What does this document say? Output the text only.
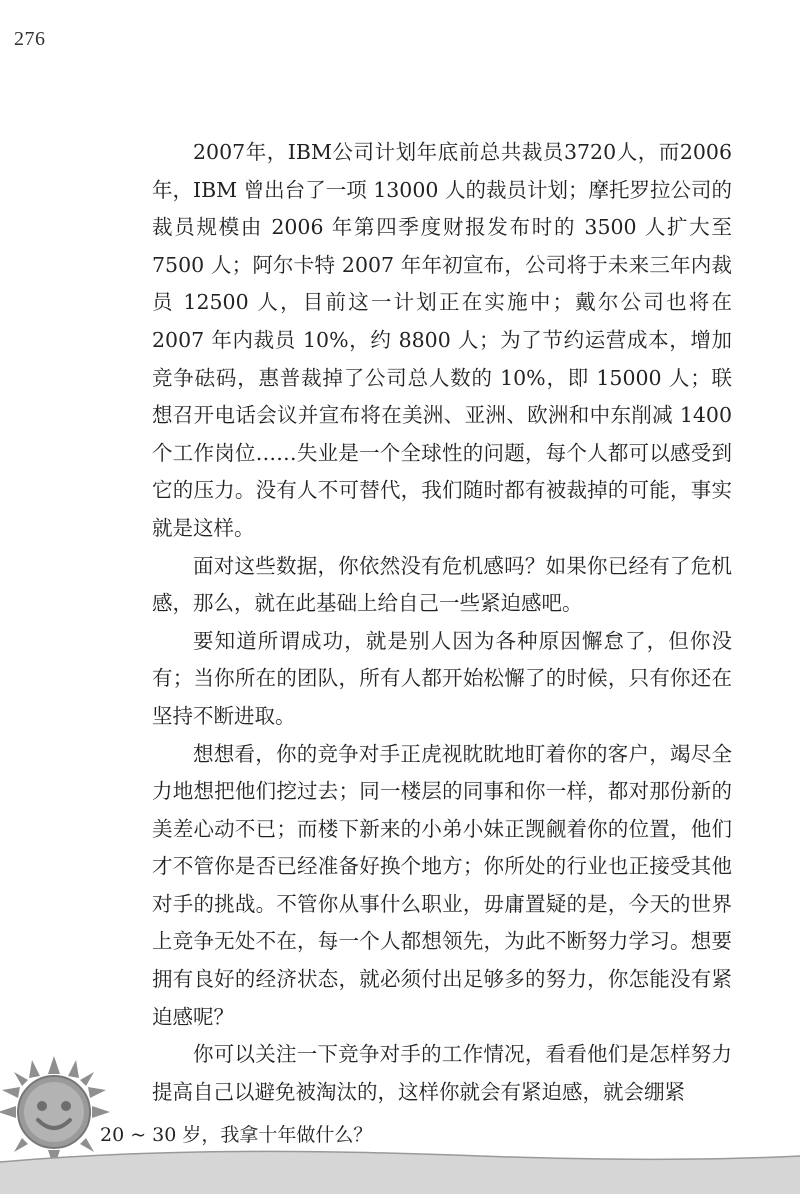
276

2007年，IBM公司计划年底前总共裁员3720人，而2006年，IBM 曾出台了一项 13000 人的裁员计划；摩托罗拉公司的裁员规模由 2006 年第四季度财报发布时的 3500 人扩大至 7500 人；阿尔卡特 2007 年年初宣布，公司将于未来三年内裁员 12500 人，目前这一计划正在实施中；戴尔公司也将在 2007 年内裁员 10%，约 8800 人；为了节约运营成本，增加竞争砝码，惠普裁掉了公司总人数的 10%，即 15000 人；联想召开电话会议并宣布将在美洲、亚洲、欧洲和中东削减 1400 个工作岗位……失业是一个全球性的问题，每个人都可以感受到它的压力。没有人不可替代，我们随时都有被裁掉的可能，事实就是这样。

面对这些数据，你依然没有危机感吗？如果你已经有了危机感，那么，就在此基础上给自己一些紧迫感吧。

要知道所谓成功，就是别人因为各种原因懈怠了，但你没有；当你所在的团队，所有人都开始松懈了的时候，只有你还在坚持不断进取。

想想看，你的竞争对手正虎视眈眈地盯着你的客户，竭尽全力地想把他们挖过去；同一楼层的同事和你一样，都对那份新的美差心动不已；而楼下新来的小弟小妹正觊觎着你的位置，他们才不管你是否已经准备好换个地方；你所处的行业也正接受其他对手的挑战。不管你从事什么职业，毋庸置疑的是，今天的世界上竞争无处不在，每一个人都想领先，为此不断努力学习。想要拥有良好的经济状态，就必须付出足够多的努力，你怎能没有紧迫感呢？

你可以关注一下竞争对手的工作情况，看看他们是怎样努力提高自己以避免被淘汰的，这样你就会有紧迫感，就会绷紧

20 ~ 30 岁，我拿十年做什么？
